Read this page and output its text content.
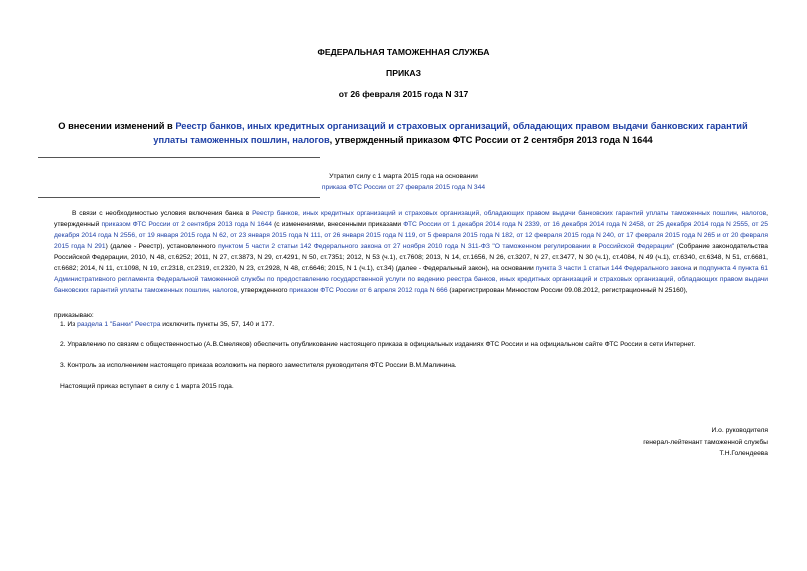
ФЕДЕРАЛЬНАЯ ТАМОЖЕННАЯ СЛУЖБА
ПРИКАЗ
от 26 февраля 2015 года N 317
О внесении изменений в Реестр банков, иных кредитных организаций и страховых организаций, обладающих правом выдачи банковских гарантий уплаты таможенных пошлин, налогов, утвержденный приказом ФТС России от 2 сентября 2013 года N 1644
Утратил силу с 1 марта 2015 года на основании
приказа ФТС России от 27 февраля 2015 года N 344
В связи с необходимостью условия включения банка в Реестр банков, иных кредитных организаций и страховых организаций, обладающих правом выдачи банковских гарантий уплаты таможенных пошлин, налогов, утвержденный приказом ФТС России от 2 сентября 2013 года N 1644 (с изменениями, внесенными приказами ФТС России от 1 декабря 2014 года N 2339, от 16 декабря 2014 года N 2458, от 25 декабря 2014 года N 2555, от 25 декабря 2014 года N 2556, от 19 января 2015 года N 62, от 23 января 2015 года N 111, от 26 января 2015 года N 119, от 5 февраля 2015 года N 182, от 12 февраля 2015 года N 240, от 17 февраля 2015 года N 265 и от 20 февраля 2015 года N 291) (далее - Реестр), установленного пунктом 5 части 2 статьи 142 Федерального закона от 27 ноября 2010 года N 311-ФЗ "О таможенном регулировании в Российской Федерации" (Собрание законодательства Российской Федерации, 2010, N 48, ст.6252; 2011, N 27, ст.3873, N 29, ст.4291, N 50, ст.7351; 2012, N 53 (ч.1), ст.7608; 2013, N 14, ст.1656, N 26, ст.3207, N 27, ст.3477, N 30 (ч.1), ст.4084, N 49 (ч.1), ст.6340, ст.6348, N 51, ст.6681, ст.6682; 2014, N 11, ст.1098, N 19, ст.2318, ст.2319, ст.2320, N 23, ст.2928, N 48, ст.6646; 2015, N 1 (ч.1), ст.34) (далее - Федеральный закон), на основании пункта 3 части 1 статьи 144 Федерального закона и подпункта 4 пункта 61 Административного регламента Федеральной таможенной службы по предоставлению государственной услуги по ведению реестра банков, иных кредитных организаций и страховых организаций, обладающих правом выдачи банковских гарантий уплаты таможенных пошлин, налогов, утвержденного приказом ФТС России от 6 апреля 2012 года N 666 (зарегистрирован Минюстом России 09.08.2012, регистрационный N 25160),
приказываю:
1. Из раздела 1 "Банки" Реестра исключить пункты 35, 57, 140 и 177.
2. Управлению по связям с общественностью (А.В.Смеляков) обеспечить опубликование настоящего приказа в официальных изданиях ФТС России и на официальном сайте ФТС России в сети Интернет.
3. Контроль за исполнением настоящего приказа возложить на первого заместителя руководителя ФТС России В.М.Малинина.
Настоящий приказ вступает в силу с 1 марта 2015 года.
И.о. руководителя
генерал-лейтенант таможенной службы
Т.Н.Голендеева
